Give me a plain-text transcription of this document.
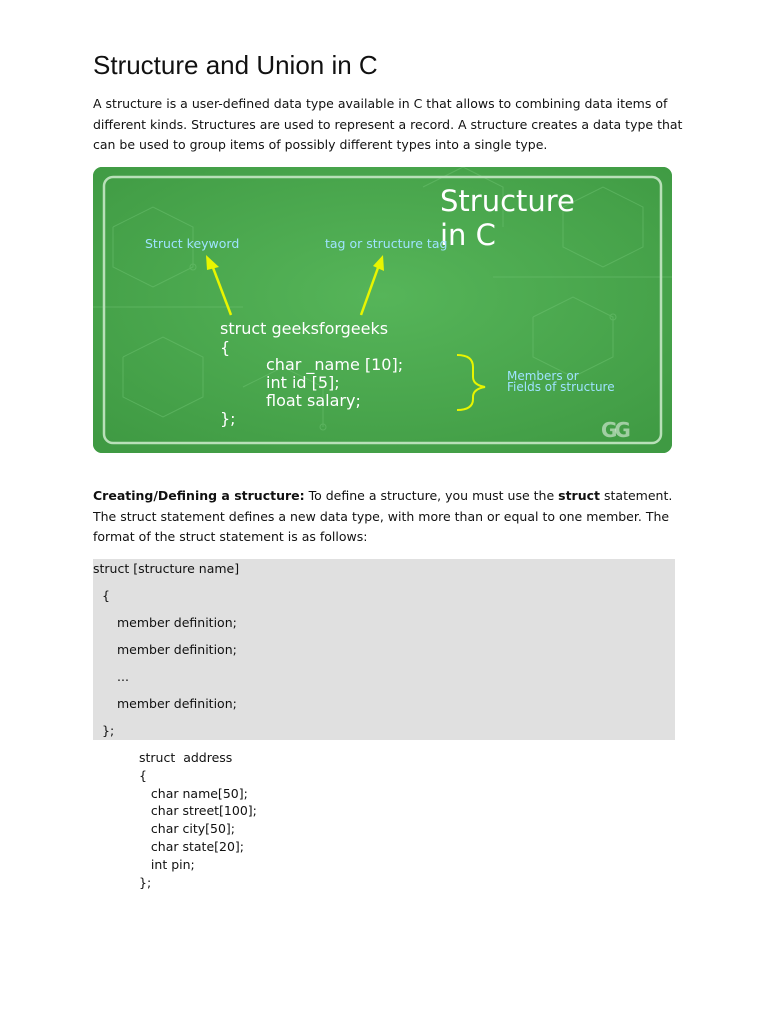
Structure and Union in C

A structure is a user-defined data type available in C that allows to combining data items of different kinds. Structures are used to represent a record. A structure creates a data type that can be used to group items of possibly different types into a single type.

Structure in C
Struct keyword	tag or structure tag
struct geeksforgeeks
{
char _name [10];
int id [5];
float salary;
};
Members or
Fields of structure
GG

Creating/Defining a structure: To define a structure, you must use the struct statement. The struct statement defines a new data type, with more than or equal to one member. The format of the struct statement is as follows:

struct [structure name]
{
member definition;
member definition;
...
member definition;
};
struct  address
{
char name[50];
char street[100];
char city[50];
char state[20];
int pin;
};
